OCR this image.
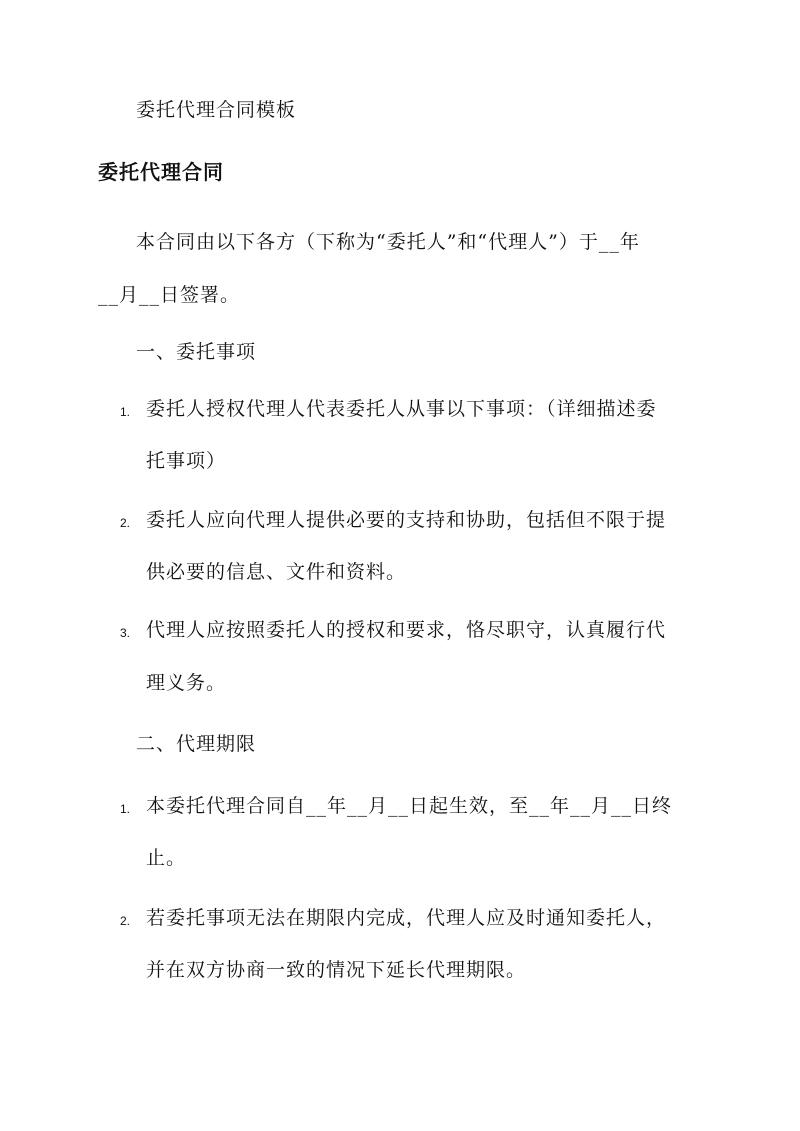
委托代理合同模板
委托代理合同
本合同由以下各方（下称为“委托人”和“代理人”）于__年
__月__日签署。
一、委托事项
1. 委托人授权代理人代表委托人从事以下事项：（详细描述委
托事项）
2. 委托人应向代理人提供必要的支持和协助，包括但不限于提
供必要的信息、文件和资料。
3. 代理人应按照委托人的授权和要求，恪尽职守，认真履行代
理义务。
二、代理期限
1. 本委托代理合同自__年__月__日起生效，至__年__月__日终
止。
2. 若委托事项无法在期限内完成，代理人应及时通知委托人，
并在双方协商一致的情况下延长代理期限。
